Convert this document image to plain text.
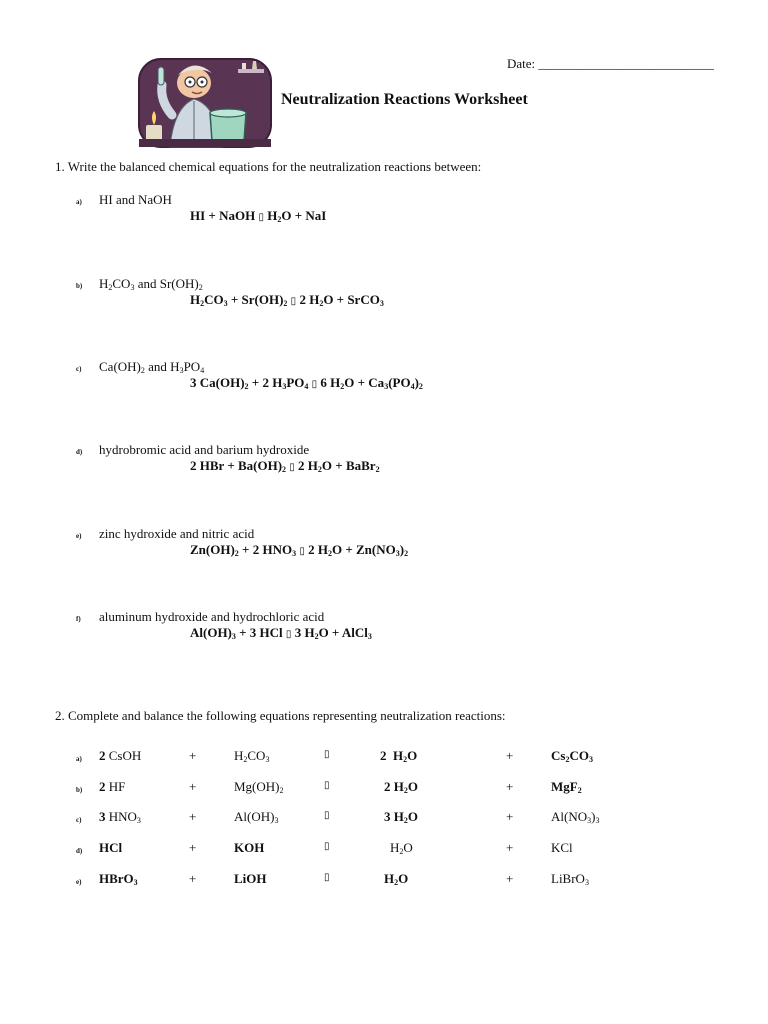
Date: ___________________________
Neutralization Reactions Worksheet
1. Write the balanced chemical equations for the neutralization reactions between:
a) HI and NaOH
HI + NaOH ▯ $H_2O$ + NaI
b) $H_2CO_3$ and $Sr(OH)_2$
$H_2CO_3 + Sr(OH)_2$ ▯ 2 $H_2O$ + SrCO$_3$
c) $Ca(OH)_2$ and $H_3PO_4$
3 $Ca(OH)_2 + 2$ $H_3PO_4$ ▯ 6 $H_2O + Ca_3(PO_4)_2$
d) hydrobromic acid and barium hydroxide
2 HBr + $Ba(OH)_2$ ▯ 2 $H_2O$ + BaBr$_2$
e) zinc hydroxide and nitric acid
$Zn(OH)_2 + 2$ $HNO_3$ ▯ 2 $H_2O + Zn(NO_3)_2$
f) aluminum hydroxide and hydrochloric acid
$Al(OH)_3 + 3$ HCl ▯ 3 $H_2O$ + AlCl$_3$
2. Complete and balance the following equations representing neutralization reactions:
a) 2 CsOH	+	$H_2CO_3$	▯	2  $H_2O$	+	$Cs_2CO_3$
b) 2 HF	+	$Mg(OH)_2$	▯	2 $H_2O$	+	MgF$_2$
c) 3 $HNO_3$	+	$Al(OH)_3$	▯	3 $H_2O$	+	$Al(NO_3)_3$
d) HCl	+	KOH	▯	$H_2O$	+	KCl
e) HBrO$_3$	+	LiOH	▯	$H_2O$	+	LiBrO$_3$
